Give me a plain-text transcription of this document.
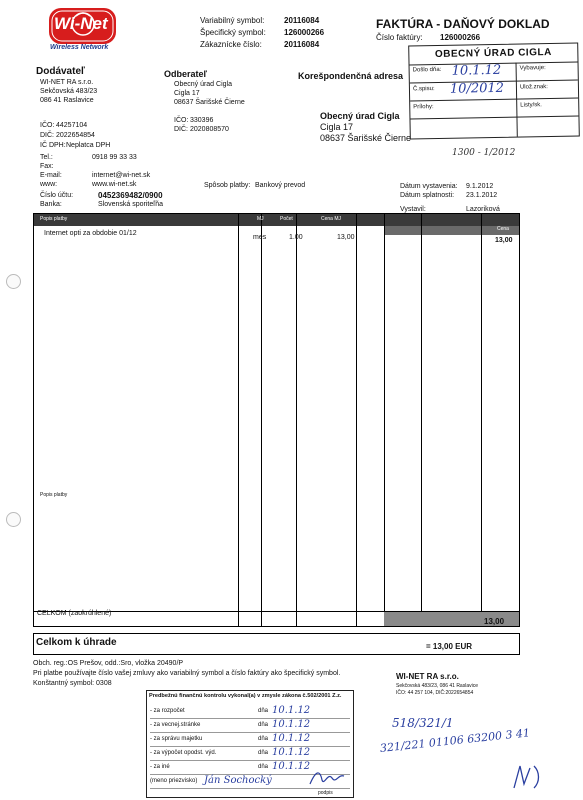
Wi-Net
Wireless Network
Variabilný symbol: 20116084
Špecifický symbol: 126000266
Zákaznícke číslo:	20116084
FAKTÚRA - DAŇOVÝ DOKLAD
Číslo faktúry: 126000266
Dodávateľ
WI-NET RA s.r.o.
Sekčovská 483/23
086 41 Raslavice
IČO: 44257104
DIČ: 2022654854
IČ DPH: Neplatca DPH
Tel.:	0918 99 33 33
Fax:
E-mail:	internet@wi-net.sk
www:	www.wi-net.sk
Číslo účtu:	0452369482/0900
Banka:	Slovenská sporiteľňa
Odberateľ
Obecný úrad Cigla
Cigla 17
08637 Šarišské Čierne
IČO: 330396
DIČ: 2020808570
Korešpondenčná adresa
Obecný úrad Cigla
Cigla 17
08637 Šarišské Čierne
OBECNÝ ÚRAD CIGLA
Došlo dňa: 10.1.12	Vybavuje:
Č.spisu: 10/2012	Ulož.znak:
Prílohy:	Listy/sk.
1300 - 1/2012
Spôsob platby: Bankový prevod	Dátum vystavenia: 9.1.2012
Dátum splatnosti: 23.1.2012
Vystavil:	Lazoriková
Popis platby	MJ	Počet	Cena MJ
Cena
Internet opti za obdobie 01/12
mes	1.00	13,00	13,00
Popis platby
CELKOM (zaokrúhlené)
13,00
Celkom k úhrade	= 13,00 EUR
Obch. reg.:OS Prešov, odd.:Sro, vložka 20490/P
Pri platbe používajte číslo vašej zmluvy ako variabilný symbol a číslo faktúry ako špecifický symbol.
Konštantný symbol: 0308
Predbežnú finančnú kontrolu vykonal(a) v zmysle zákona č.502/2001 Z.z.
- za rozpočet	dňa 10.1.12
- za vecnej.stránke	dňa 10.1.12
- za správu majetku	dňa 10.1.12
- za výpočet opodst. výd.	dňa 10.1.12
- za iné	dňa 10.1.12
(meno priezvisko) Ján Sochocký
podpis
WI-NET RA s.r.o.
Sekčovská 483/23, 086 41 Raslavice
IČO: 44 257 104, DIČ:2022654854
518/321/1
321/221 01106 63200 3 41
